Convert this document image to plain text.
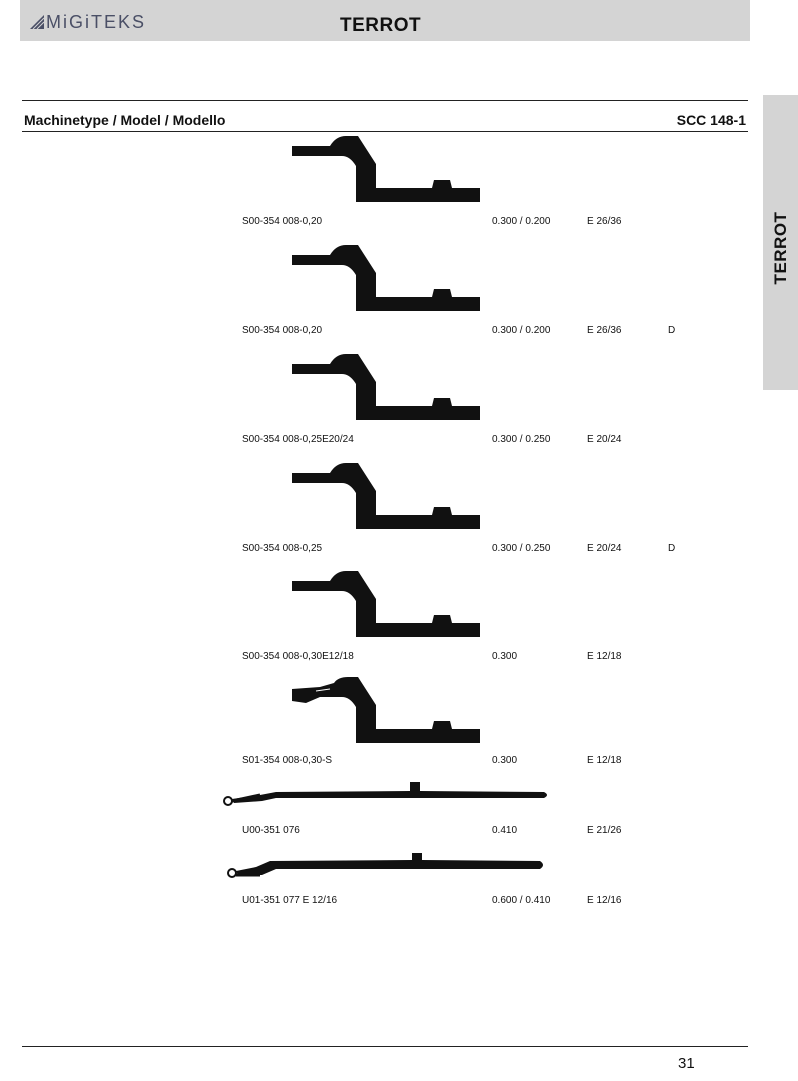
MiGiTEKS	TERROT
TERROT
Machinetype / Model / Modello	SCC 148-1
S00-354 008-0,20	0.300 / 0.200	E 26/36
S00-354 008-0,20	0.300 / 0.200	E 26/36	D
S00-354 008-0,25E20/24	0.300 / 0.250	E 20/24
S00-354 008-0,25	0.300 / 0.250	E 20/24	D
S00-354 008-0,30E12/18	0.300	E 12/18
S01-354 008-0,30-S	0.300	E 12/18
U00-351 076	0.410	E 21/26
U01-351 077 E 12/16	0.600 / 0.410	E 12/16
31
